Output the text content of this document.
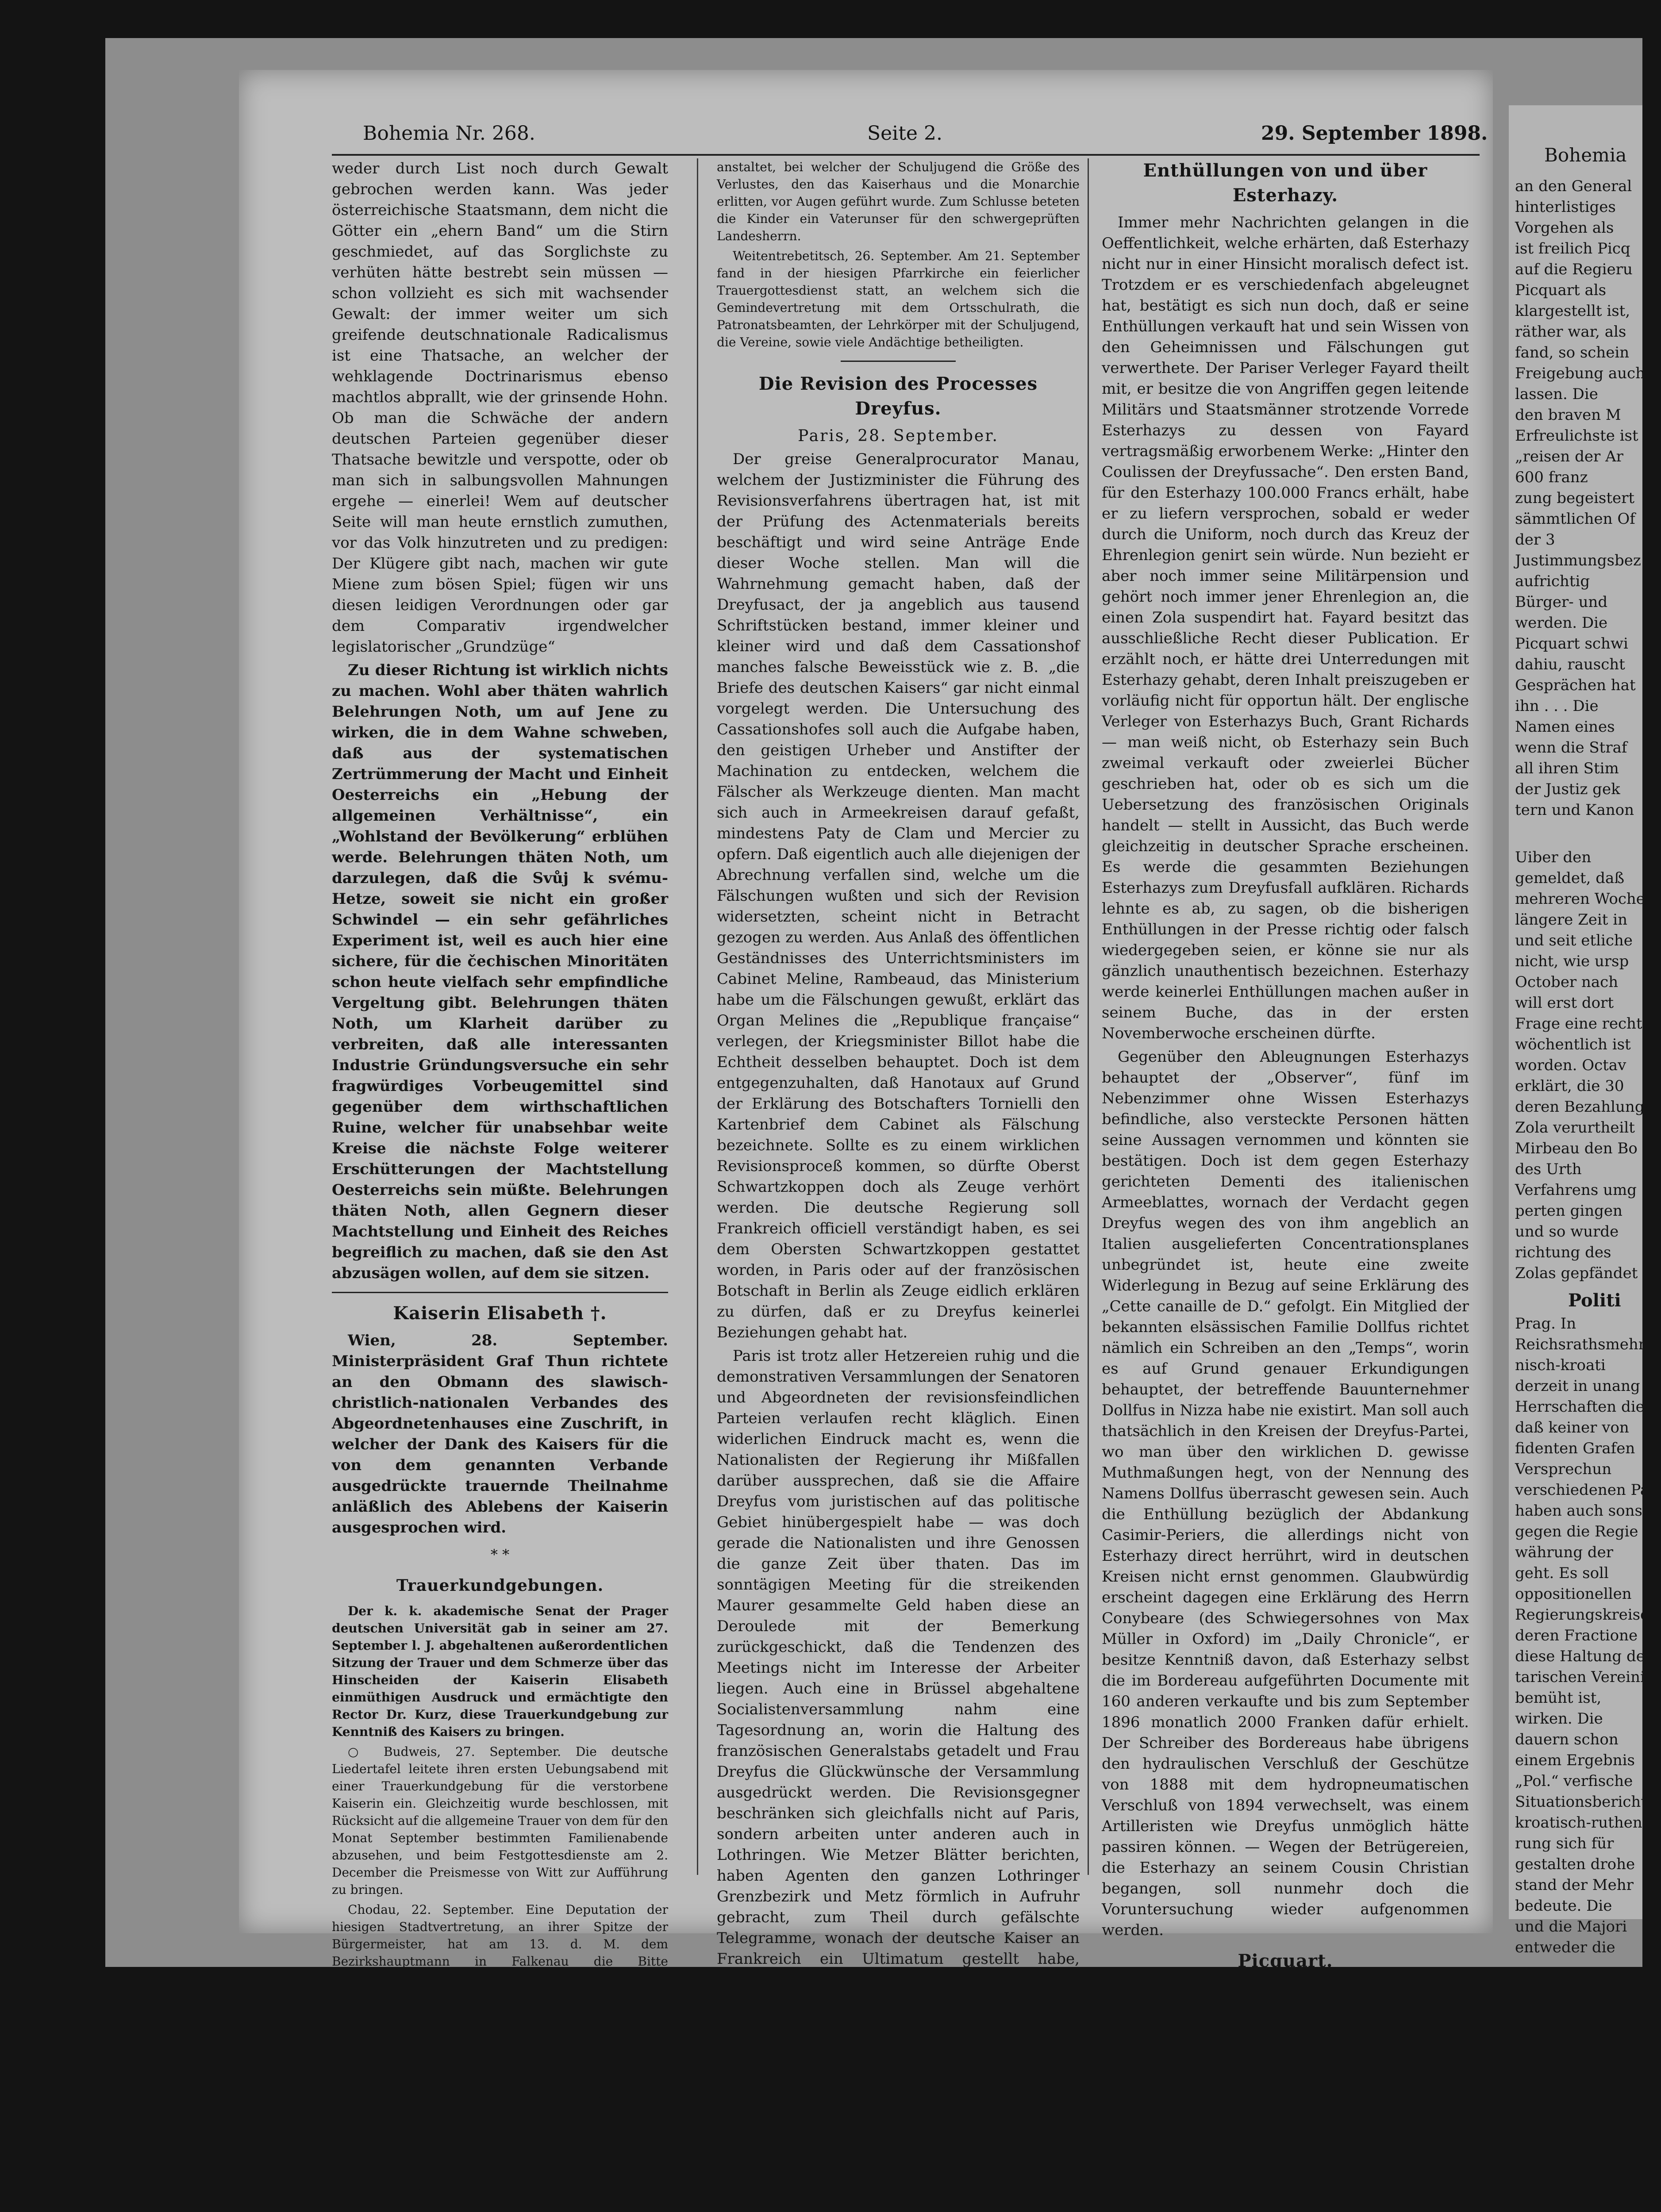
Bohemia Nr. 268.	Seite 2.	29. September 1898.

weder durch List noch durch Gewalt gebrochen werden kann. Was jeder österreichische Staatsmann, dem nicht die Götter ein „ehern Band“ um die Stirn geschmiedet, auf das Sorglichste zu verhüten hätte bestrebt sein müssen — schon vollzieht es sich mit wachsender Gewalt: der immer weiter um sich greifende deutschnationale Radicalismus ist eine Thatsache, an welcher der wehklagende Doctrinarismus ebenso machtlos abprallt, wie der grinsende Hohn. Ob man die Schwäche der andern deutschen Parteien gegenüber dieser Thatsache bewitzle und verspotte, oder ob man sich in salbungsvollen Mahnungen ergehe — einerlei! Wem auf deutscher Seite will man heute ernstlich zumuthen, vor das Volk hinzutreten und zu predigen: Der Klügere gibt nach, machen wir gute Miene zum bösen Spiel; fügen wir uns diesen leidigen Verordnungen oder gar dem Comparativ irgendwelcher legislatorischer „Grundzüge“

Zu dieser Richtung ist wirklich nichts zu machen. Wohl aber thäten wahrlich Belehrungen Noth, um auf Jene zu wirken, die in dem Wahne schweben, daß aus der systematischen Zertrümmerung der Macht und Einheit Oesterreichs ein „Hebung der allgemeinen Verhältnisse“, ein „Wohlstand der Bevölkerung“ erblühen werde. Belehrungen thäten Noth, um darzulegen, daß die Svůj k svému-Hetze, soweit sie nicht ein großer Schwindel — ein sehr gefährliches Experiment ist, weil es auch hier eine sichere, für die čechischen Minoritäten schon heute vielfach sehr empfindliche Vergeltung gibt. Belehrungen thäten Noth, um Klarheit darüber zu verbreiten, daß alle interessanten Industrie Gründungsversuche ein sehr fragwürdiges Vorbeugemittel sind gegenüber dem wirthschaftlichen Ruine, welcher für unabsehbar weite Kreise die nächste Folge weiterer Erschütterungen der Machtstellung Oesterreichs sein müßte. Belehrungen thäten Noth, allen Gegnern dieser Machtstellung und Einheit des Reiches begreiflich zu machen, daß sie den Ast abzusägen wollen, auf dem sie sitzen.

Kaiserin Elisabeth †.

Wien, 28. September. Ministerpräsident Graf Thun richtete an den Obmann des slawisch-christlich-nationalen Verbandes des Abgeordnetenhauses eine Zuschrift, in welcher der Dank des Kaisers für die von dem genannten Verbande ausgedrückte trauernde Theilnahme anläßlich des Ablebens der Kaiserin ausgesprochen wird.

* *
Trauerkundgebungen.

Der k. k. akademische Senat der Prager deutschen Universität gab in seiner am 27. September l. J. abgehaltenen außerordentlichen Sitzung der Trauer und dem Schmerze über das Hinscheiden der Kaiserin Elisabeth einmüthigen Ausdruck und ermächtigte den Rector Dr. Kurz, diese Trauerkundgebung zur Kenntniß des Kaisers zu bringen.

○ Budweis, 27. September. Die deutsche Liedertafel leitete ihren ersten Uebungsabend mit einer Trauerkundgebung für die verstorbene Kaiserin ein. Gleichzeitig wurde beschlossen, mit Rücksicht auf die allgemeine Trauer von dem für den Monat September bestimmten Familienabende abzusehen, und beim Festgottesdienste am 2. December die Preismesse von Witt zur Aufführung zu bringen.

Chodau, 22. September. Eine Deputation der hiesigen Stadtvertretung, an ihrer Spitze der Bürgermeister, hat am 13. d. M. dem Bezirkshauptmann in Falkenau die Bitte vorgetragen, den Ausdruck der innigsten und aufrichtigsten Antheilnahme der gesammten Bevölkerung der Stadt Chodau an die Stufen des Thrones gelangen zu lassen. Am 17. September fand in der hiesigen Pfarrkirche ein feierlicher Trauergottesdienst statt, an welchem die Stadtvertretung, die Lehrkörper mit der Schuljugend, die dienstfreien Beamten der k. k. Post, der Staats- und Buschtiehrader Eisenbahn, die Vereine, sowie zahlreiche Bewohner der Stadt theilnahmen. Vom Stadthause und den Schulgebäuden wehten schwarze Fahnen.

Czachrau, 27. September. Am 23. September fand in der hiesigen Pfarrkirche ein Trauergottesdienst

anstaltet, bei welcher der Schuljugend die Größe des Verlustes, den das Kaiserhaus und die Monarchie erlitten, vor Augen geführt wurde. Zum Schlusse beteten die Kinder ein Vaterunser für den schwergeprüften Landesherrn.

Weitentrebetitsch, 26. September. Am 21. September fand in der hiesigen Pfarrkirche ein feierlicher Trauergottesdienst statt, an welchem sich die Gemindevertretung mit dem Ortsschulrath, die Patronatsbeamten, der Lehrkörper mit der Schuljugend, die Vereine, sowie viele Andächtige betheiligten.

Die Revision des Processes Dreyfus.
Paris, 28. September.

Der greise Generalprocurator Manau, welchem der Justizminister die Führung des Revisionsverfahrens übertragen hat, ist mit der Prüfung des Actenmaterials bereits beschäftigt und wird seine Anträge Ende dieser Woche stellen. Man will die Wahrnehmung gemacht haben, daß der Dreyfusact, der ja angeblich aus tausend Schriftstücken bestand, immer kleiner und kleiner wird und daß dem Cassationshof manches falsche Beweisstück wie z. B. „die Briefe des deutschen Kaisers“ gar nicht einmal vorgelegt werden. Die Untersuchung des Cassationshofes soll auch die Aufgabe haben, den geistigen Urheber und Anstifter der Machination zu entdecken, welchem die Fälscher als Werkzeuge dienten. Man macht sich auch in Armeekreisen darauf gefaßt, mindestens Paty de Clam und Mercier zu opfern. Daß eigentlich auch alle diejenigen der Abrechnung verfallen sind, welche um die Fälschungen wußten und sich der Revision widersetzten, scheint nicht in Betracht gezogen zu werden. Aus Anlaß des öffentlichen Geständnisses des Unterrichtsministers im Cabinet Meline, Rambeaud, das Ministerium habe um die Fälschungen gewußt, erklärt das Organ Melines die „Republique française“ verlegen, der Kriegsminister Billot habe die Echtheit desselben behauptet. Doch ist dem entgegenzuhalten, daß Hanotaux auf Grund der Erklärung des Botschafters Tornielli den Kartenbrief dem Cabinet als Fälschung bezeichnete. Sollte es zu einem wirklichen Revisionsproceß kommen, so dürfte Oberst Schwartzkoppen doch als Zeuge verhört werden. Die deutsche Regierung soll Frankreich officiell verständigt haben, es sei dem Obersten Schwartzkoppen gestattet worden, in Paris oder auf der französischen Botschaft in Berlin als Zeuge eidlich erklären zu dürfen, daß er zu Dreyfus keinerlei Beziehungen gehabt hat.

Paris ist trotz aller Hetzereien ruhig und die demonstrativen Versammlungen der Senatoren und Abgeordneten der revisionsfeindlichen Parteien verlaufen recht kläglich. Einen widerlichen Eindruck macht es, wenn die Nationalisten der Regierung ihr Mißfallen darüber aussprechen, daß sie die Affaire Dreyfus vom juristischen auf das politische Gebiet hinübergespielt habe — was doch gerade die Nationalisten und ihre Genossen die ganze Zeit über thaten. Das im sonntägigen Meeting für die streikenden Maurer gesammelte Geld haben diese an Deroulede mit der Bemerkung zurückgeschickt, daß die Tendenzen des Meetings nicht im Interesse der Arbeiter liegen. Auch eine in Brüssel abgehaltene Socialistenversammlung nahm eine Tagesordnung an, worin die Haltung des französischen Generalstabs getadelt und Frau Dreyfus die Glückwünsche der Versammlung ausgedrückt werden. Die Revisionsgegner beschränken sich gleichfalls nicht auf Paris, sondern arbeiten unter anderen auch in Lothringen. Wie Metzer Blätter berichten, haben Agenten den ganzen Lothringer Grenzbezirk und Metz förmlich in Aufruhr gebracht, zum Theil durch gefälschte Telegramme, wonach der deutsche Kaiser an Frankreich ein Ultimatum gestellt habe, keinesfalls die Revision des Dreyfus-Processes zuzulassen (!), weil ja sonst des Kaisers Briefwechsel mit Dreyfus ans Tageslicht käme, was um Himmelswillen vermieden werden müsse. Und es gibt auch wirklich noch Dumme, die diesen Unsinn glauben.

Enthüllungen von und über Esterhazy.

Immer mehr Nachrichten gelangen in die Oeffentlichkeit, welche erhärten, daß Esterhazy nicht nur in einer Hinsicht moralisch defect ist. Trotzdem er es verschiedenfach abgeleugnet hat, bestätigt es sich nun doch, daß er seine Enthüllungen verkauft hat und sein Wissen von den Geheimnissen und Fälschungen gut verwerthete. Der Pariser Verleger Fayard theilt mit, er besitze die von Angriffen gegen leitende Militärs und Staatsmänner strotzende Vorrede Esterhazys zu dessen von Fayard vertragsmäßig erworbenem Werke: „Hinter den Coulissen der Dreyfussache“. Den ersten Band, für den Esterhazy 100.000 Francs erhält, habe er zu liefern versprochen, sobald er weder durch die Uniform, noch durch das Kreuz der Ehrenlegion genirt sein würde. Nun bezieht er aber noch immer seine Militärpension und gehört noch immer jener Ehrenlegion an, die einen Zola suspendirt hat. Fayard besitzt das ausschließliche Recht dieser Publication. Er erzählt noch, er hätte drei Unterredungen mit Esterhazy gehabt, deren Inhalt preiszugeben er vorläufig nicht für opportun hält. Der englische Verleger von Esterhazys Buch, Grant Richards — man weiß nicht, ob Esterhazy sein Buch zweimal verkauft oder zweierlei Bücher geschrieben hat, oder ob es sich um die Uebersetzung des französischen Originals handelt — stellt in Aussicht, das Buch werde gleichzeitig in deutscher Sprache erscheinen. Es werde die gesammten Beziehungen Esterhazys zum Dreyfusfall aufklären. Richards lehnte es ab, zu sagen, ob die bisherigen Enthüllungen in der Presse richtig oder falsch wiedergegeben seien, er könne sie nur als gänzlich unauthentisch bezeichnen. Esterhazy werde keinerlei Enthüllungen machen außer in seinem Buche, das in der ersten Novemberwoche erscheinen dürfte.

Gegenüber den Ableugnungen Esterhazys behauptet der „Observer“, fünf im Nebenzimmer ohne Wissen Esterhazys befindliche, also versteckte Personen hätten seine Aussagen vernommen und könnten sie bestätigen. Doch ist dem gegen Esterhazy gerichteten Dementi des italienischen Armeeblattes, wornach der Verdacht gegen Dreyfus wegen des von ihm angeblich an Italien ausgelieferten Concentrationsplanes unbegründet ist, heute eine zweite Widerlegung in Bezug auf seine Erklärung des „Cette canaille de D.“ gefolgt. Ein Mitglied der bekannten elsässischen Familie Dollfus richtet nämlich ein Schreiben an den „Temps“, worin es auf Grund genauer Erkundigungen behauptet, der betreffende Bauunternehmer Dollfus in Nizza habe nie existirt. Man soll auch thatsächlich in den Kreisen der Dreyfus-Partei, wo man über den wirklichen D. gewisse Muthmaßungen hegt, von der Nennung des Namens Dollfus überrascht gewesen sein. Auch die Enthüllung bezüglich der Abdankung Casimir-Periers, die allerdings nicht von Esterhazy direct herrührt, wird in deutschen Kreisen nicht ernst genommen. Glaubwürdig erscheint dagegen eine Erklärung des Herrn Conybeare (des Schwiegersohnes von Max Müller in Oxford) im „Daily Chronicle“, er besitze Kenntniß davon, daß Esterhazy selbst die im Bordereau aufgeführten Documente mit 160 anderen verkaufte und bis zum September 1896 monatlich 2000 Franken dafür erhielt. Der Schreiber des Bordereaus habe übrigens den hydraulischen Verschluß der Geschütze von 1888 mit dem hydropneumatischen Verschluß von 1894 verwechselt, was einem Artilleristen wie Dreyfus unmöglich hätte passiren können. — Wegen der Betrügereien, die Esterhazy an seinem Cousin Christian begangen, soll nunmehr doch die Voruntersuchung wieder aufgenommen werden.

Picquart.

Die Freunde des gefangenen Picquart, der noch immer ohne Rechtsschutz bleibt und von der Außenwelt abgeschnitten ist, sind nicht müßig. Der Kriegsminister Chanoine hat ein in sehr strengen Ausdrücken abgefaßtes Schreiben

Bohemia
an den General
hinterlistiges
Vorgehen als
ist freilich Picq
auf die Regieru
Picquart als
klargestellt ist,
räther war, als
fand, so schein
Freigebung auch
lassen. Die
den braven M
Erfreulichste ist
„reisen der Ar
600 franz
zung begeistert
sämmtlichen Of
der 3
Justimmungsbez
aufrichtig
Bürger- und
werden. Die
Picquart schwi
dahiu, rauscht
Gesprächen hat
ihn . . . Die
Namen eines
wenn die Straf
all ihren Stim
der Justiz gek
tern und Kanon
Uiber den
gemeldet, daß
mehreren Woche
längere Zeit in
und seit etliche
nicht, wie ursp
October nach
will erst dort
Frage eine recht
wöchentlich ist
worden. Octav
erklärt, die 30
deren Bezahlung
Zola verurtheilt
Mirbeau den Bo
des Urth
Verfahrens umg
perten gingen
und so wurde
richtung des
Zolas gepfändet
Politi
Prag. In
Reichsrathsmehr
nisch-kroati
derzeit in unang
Herrschaften diese
daß keiner von
fidenten Grafen
Versprechun
verschiedenen Par
haben auch sonst
gegen die Regie
währung der
geht. Es soll
oppositionellen
Regierungskreise
deren Fractione
diese Haltung de
tarischen Vereini
bemüht ist,
wirken. Die
dauern schon
einem Ergebnis
„Pol.“ verfische
Situationsbericht
kroatisch-ruthenis
rung sich für
gestalten drohe
stand der Mehr
bedeute. Die
und die Majori
entweder die
